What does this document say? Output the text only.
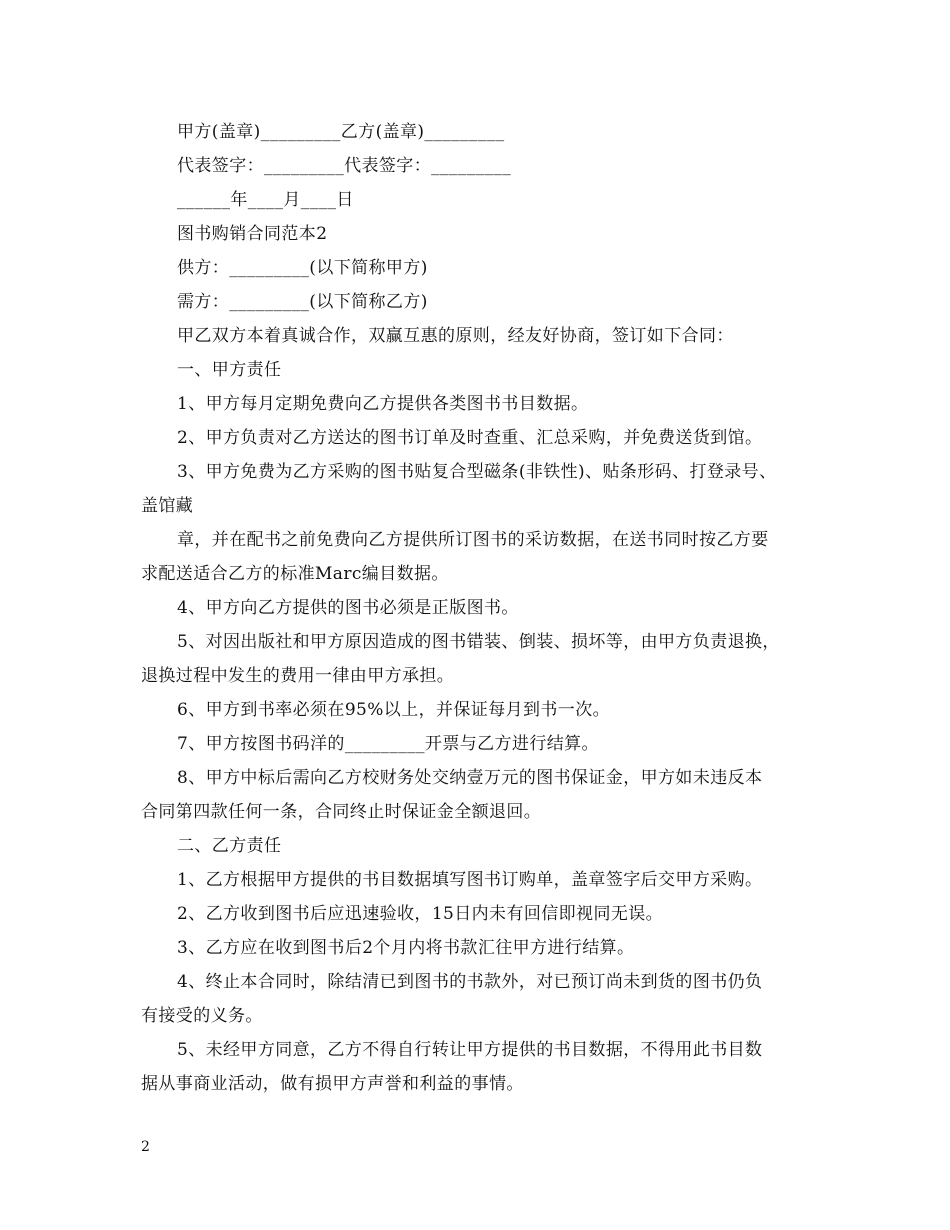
甲方(盖章)_________乙方(盖章)_________

代表签字：_________代表签字：_________

______年____月____日

图书购销合同范本2

供方：_________(以下简称甲方)

需方：_________(以下简称乙方)

甲乙双方本着真诚合作，双赢互惠的原则，经友好协商，签订如下合同：

一、甲方责任

1、甲方每月定期免费向乙方提供各类图书书目数据。

2、甲方负责对乙方送达的图书订单及时查重、汇总采购，并免费送货到馆。

3、甲方免费为乙方采购的图书贴复合型磁条(非铁性)、贴条形码、打登录号、

盖馆藏

章，并在配书之前免费向乙方提供所订图书的采访数据，在送书同时按乙方要

求配送适合乙方的标准Marc编目数据。

4、甲方向乙方提供的图书必须是正版图书。

5、对因出版社和甲方原因造成的图书错装、倒装、损坏等，由甲方负责退换，

退换过程中发生的费用一律由甲方承担。

6、甲方到书率必须在95%以上，并保证每月到书一次。

7、甲方按图书码洋的_________开票与乙方进行结算。

8、甲方中标后需向乙方校财务处交纳壹万元的图书保证金，甲方如未违反本

合同第四款任何一条，合同终止时保证金全额退回。

二、乙方责任

1、乙方根据甲方提供的书目数据填写图书订购单，盖章签字后交甲方采购。

2、乙方收到图书后应迅速验收，15日内未有回信即视同无误。

3、乙方应在收到图书后2个月内将书款汇往甲方进行结算。

4、终止本合同时，除结清已到图书的书款外，对已预订尚未到货的图书仍负

有接受的义务。

5、未经甲方同意，乙方不得自行转让甲方提供的书目数据，不得用此书目数

据从事商业活动，做有损甲方声誉和利益的事情。

2
